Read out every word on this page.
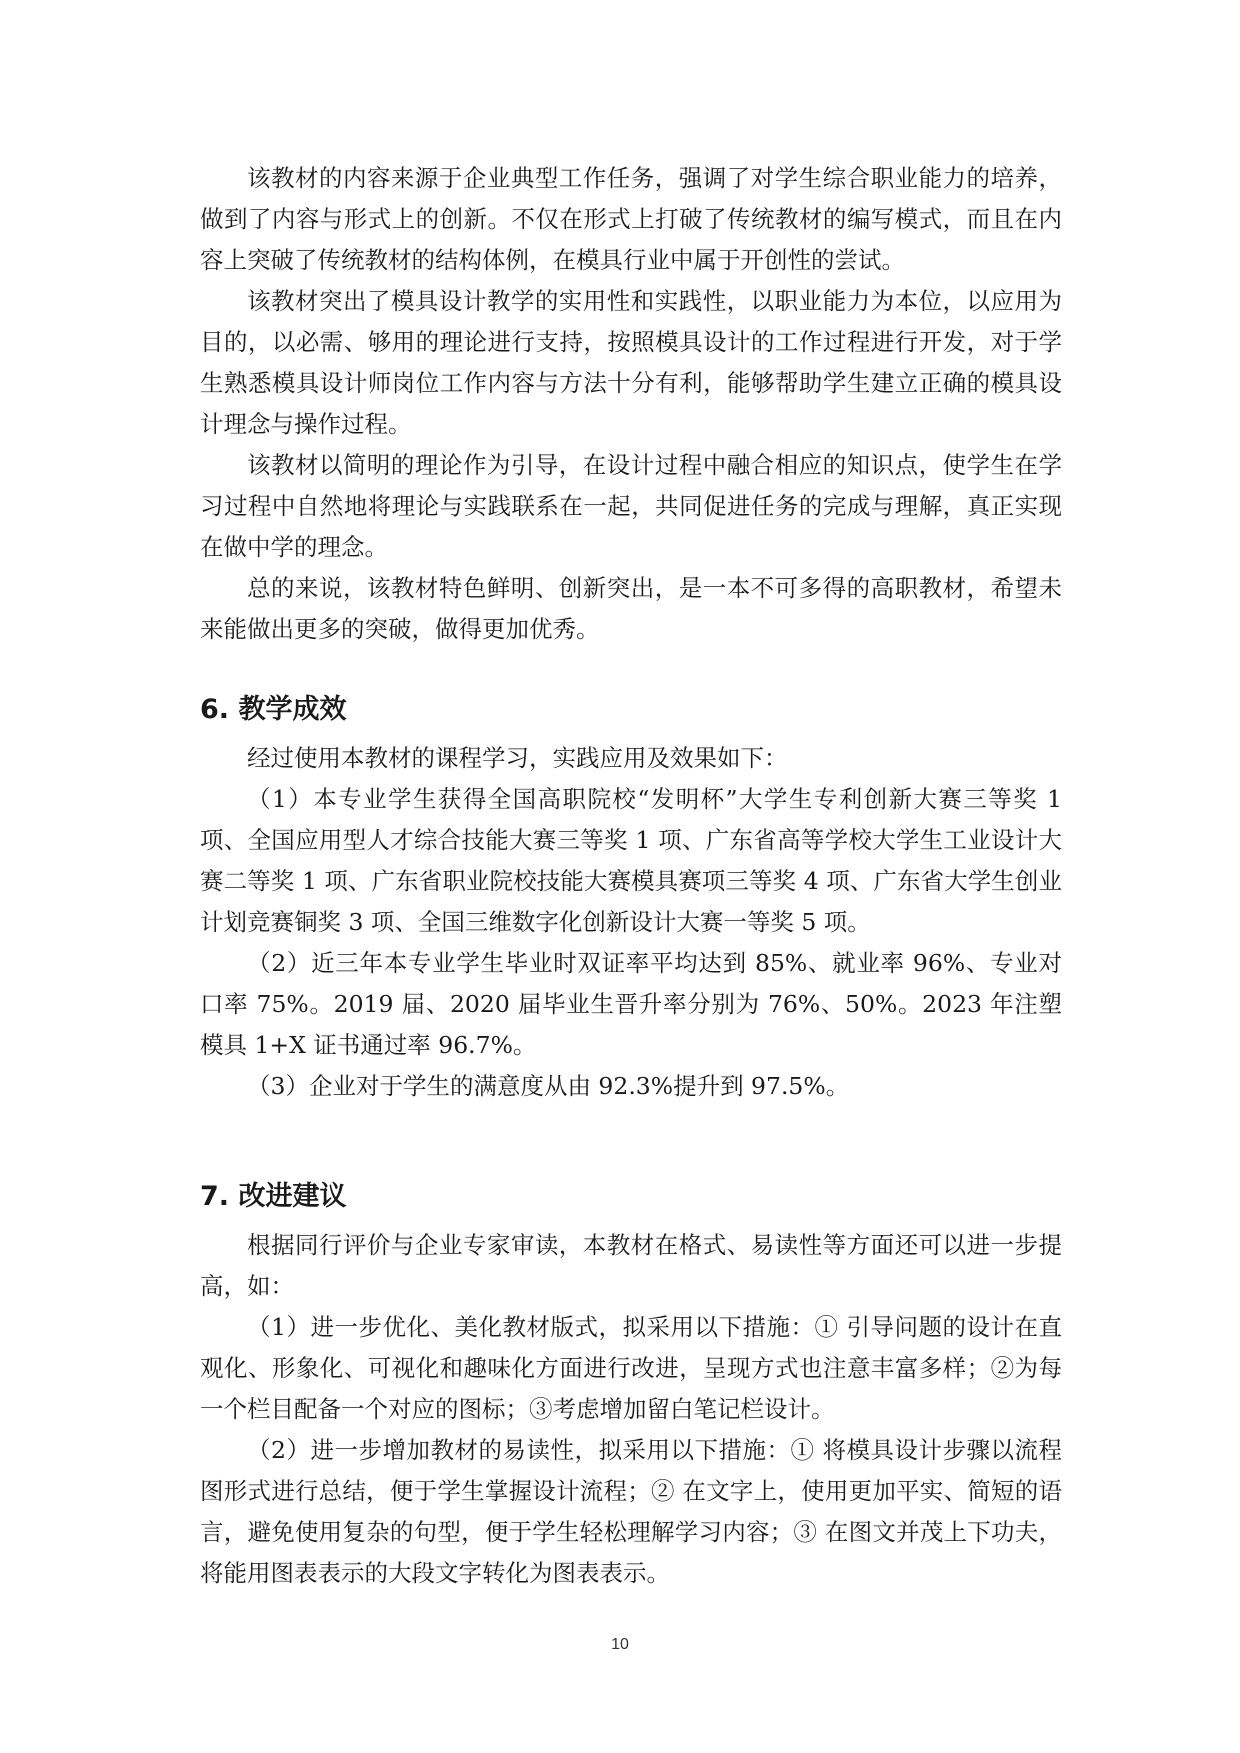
该教材的内容来源于企业典型工作任务，强调了对学生综合职业能力的培养，做到了内容与形式上的创新。不仅在形式上打破了传统教材的编写模式，而且在内容上突破了传统教材的结构体例，在模具行业中属于开创性的尝试。

该教材突出了模具设计教学的实用性和实践性，以职业能力为本位，以应用为目的，以必需、够用的理论进行支持，按照模具设计的工作过程进行开发，对于学生熟悉模具设计师岗位工作内容与方法十分有利，能够帮助学生建立正确的模具设计理念与操作过程。

该教材以简明的理论作为引导，在设计过程中融合相应的知识点，使学生在学习过程中自然地将理论与实践联系在一起，共同促进任务的完成与理解，真正实现在做中学的理念。

总的来说，该教材特色鲜明、创新突出，是一本不可多得的高职教材，希望未来能做出更多的突破，做得更加优秀。

6. 教学成效

经过使用本教材的课程学习，实践应用及效果如下：

（1）本专业学生获得全国高职院校“发明杯”大学生专利创新大赛三等奖 1 项、全国应用型人才综合技能大赛三等奖 1 项、广东省高等学校大学生工业设计大赛二等奖 1 项、广东省职业院校技能大赛模具赛项三等奖 4 项、广东省大学生创业计划竞赛铜奖 3 项、全国三维数字化创新设计大赛一等奖 5 项。

（2）近三年本专业学生毕业时双证率平均达到 85%、就业率 96%、专业对口率 75%。2019 届、2020 届毕业生晋升率分别为 76%、50%。2023 年注塑模具 1+X 证书通过率 96.7%。

（3）企业对于学生的满意度从由 92.3%提升到 97.5%。

7. 改进建议

根据同行评价与企业专家审读，本教材在格式、易读性等方面还可以进一步提高，如：

（1）进一步优化、美化教材版式，拟采用以下措施：① 引导问题的设计在直观化、形象化、可视化和趣味化方面进行改进，呈现方式也注意丰富多样；②为每一个栏目配备一个对应的图标；③考虑增加留白笔记栏设计。

（2）进一步增加教材的易读性，拟采用以下措施：① 将模具设计步骤以流程图形式进行总结，便于学生掌握设计流程；② 在文字上，使用更加平实、简短的语言，避免使用复杂的句型，便于学生轻松理解学习内容；③ 在图文并茂上下功夫，将能用图表表示的大段文字转化为图表表示。

10
